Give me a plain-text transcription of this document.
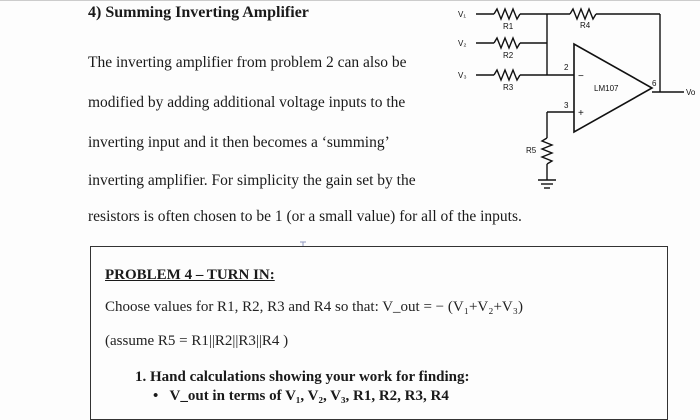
4) Summing Inverting Amplifier
The inverting amplifier from problem 2 can also be
modified by adding additional voltage inputs to the
inverting input and it then becomes a ‘summing’
inverting amplifier. For simplicity the gain set by the
resistors is often chosen to be 1 (or a small value) for all of the inputs.
V₁
V₂
V₃
R1
R2
R3
R4
R5
2
3
6
−
+
LM107	Vo
PROBLEM 4 – TURN IN:
Choose values for R1, R2, R3 and R4 so that: V_out = − (V₁+V₂+V₃)
(assume R5 = R1||R2||R3||R4 )
1. Hand calculations showing your work for finding:
•   V_out in terms of V₁, V₂, V₃, R1, R2, R3, R4
